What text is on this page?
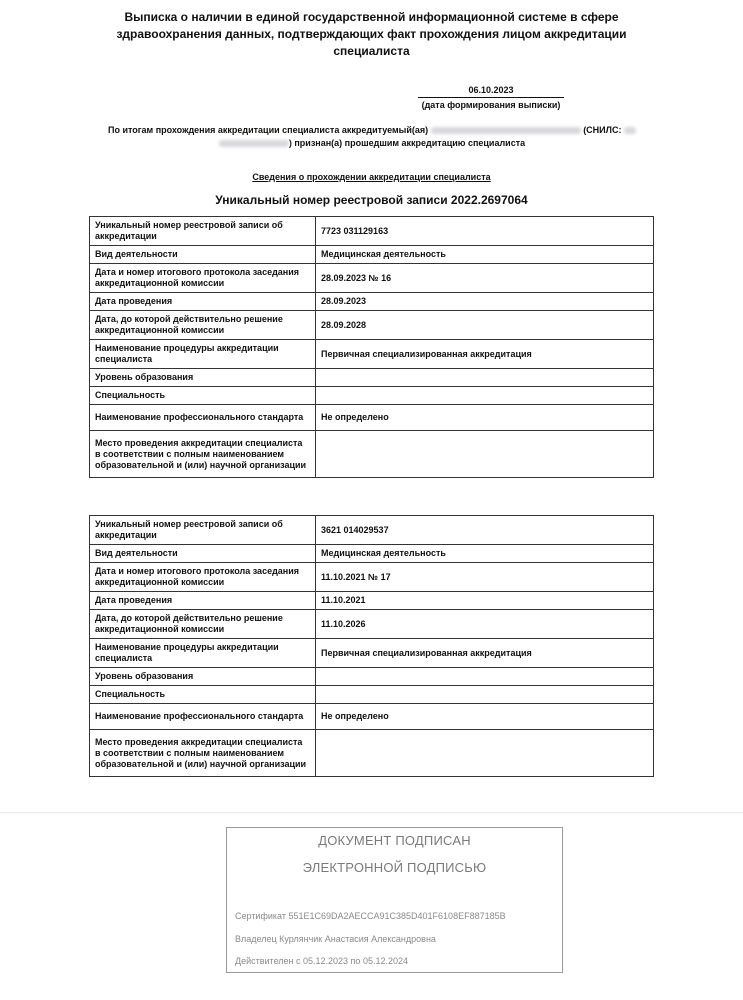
Выписка о наличии в единой государственной информационной системе в сфере здравоохранения данных, подтверждающих факт прохождения лицом аккредитации специалиста
06.10.2023
(дата формирования выписки)
По итогам прохождения аккредитации специалиста аккредитуемый(ая)	(СНИЛС:
) признан(а) прошедшим аккредитацию специалиста
Сведения о прохождении аккредитации специалиста
Уникальный номер реестровой записи 2022.2697064
Уникальный номер реестровой записи об аккредитации	7723 031129163
Вид деятельности	Медицинская деятельность
Дата и номер итогового протокола заседания аккредитационной комиссии	28.09.2023 № 16
Дата проведения	28.09.2023
Дата, до которой действительно решение аккредитационной комиссии	28.09.2028
Наименование процедуры аккредитации специалиста	Первичная специализированная аккредитация
Уровень образования	
Специальность	
Наименование профессионального стандарта	Не определено
Место проведения аккредитации специалиста в соответствии с полным наименованием образовательной и (или) научной организации	
Уникальный номер реестровой записи об аккредитации	3621 014029537
Вид деятельности	Медицинская деятельность
Дата и номер итогового протокола заседания аккредитационной комиссии	11.10.2021 № 17
Дата проведения	11.10.2021
Дата, до которой действительно решение аккредитационной комиссии	11.10.2026
Наименование процедуры аккредитации специалиста	Первичная специализированная аккредитация
Уровень образования	
Специальность	
Наименование профессионального стандарта	Не определено
Место проведения аккредитации специалиста в соответствии с полным наименованием образовательной и (или) научной организации	
ДОКУМЕНТ ПОДПИСАН
ЭЛЕКТРОННОЙ ПОДПИСЬЮ
Сертификат 551E1C69DA2AECCA91C385D401F6108EF887185B
Владелец Курлянчик Анастасия Александровна
Действителен с 05.12.2023 по 05.12.2024
